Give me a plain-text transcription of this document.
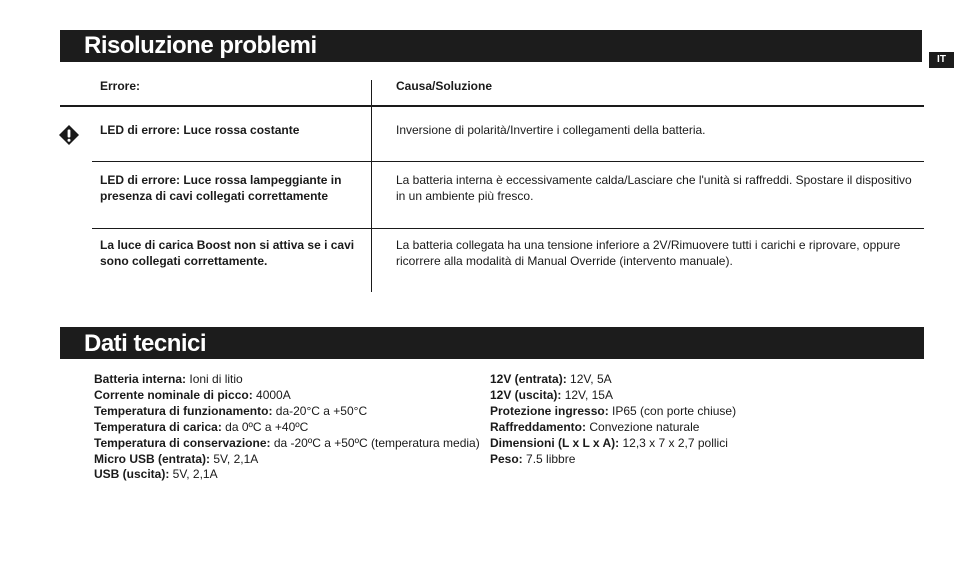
Risoluzione problemi
IT
Errore:	Causa/Soluzione
LED di errore: Luce rossa costante	Inversione di polarità/Invertire i collegamenti della batteria.
LED di errore: Luce rossa lampeggiante in presenza di cavi collegati correttamente
La batteria interna è eccessivamente calda/Lasciare che l'unità si raffreddi. Spostare il dispositivo in un ambiente più fresco.
La luce di carica Boost non si attiva se i cavi sono collegati correttamente.
La batteria collegata ha una tensione inferiore a 2V/Rimuovere tutti i carichi e riprovare, oppure ricorrere alla modalità di Manual Override (intervento manuale).
Dati tecnici
Batteria interna: Ioni di litio
Corrente nominale di picco: 4000A
Temperatura di funzionamento: da-20°C a +50°C
Temperatura di carica: da 0ºC a +40ºC
Temperatura di conservazione: da -20ºC a +50ºC (temperatura media)
Micro USB (entrata): 5V, 2,1A
USB (uscita): 5V, 2,1A
12V (entrata): 12V, 5A
12V (uscita): 12V, 15A
Protezione ingresso: IP65 (con porte chiuse)
Raffreddamento: Convezione naturale
Dimensioni (L x L x A): 12,3 x 7 x 2,7 pollici
Peso: 7.5 libbre
